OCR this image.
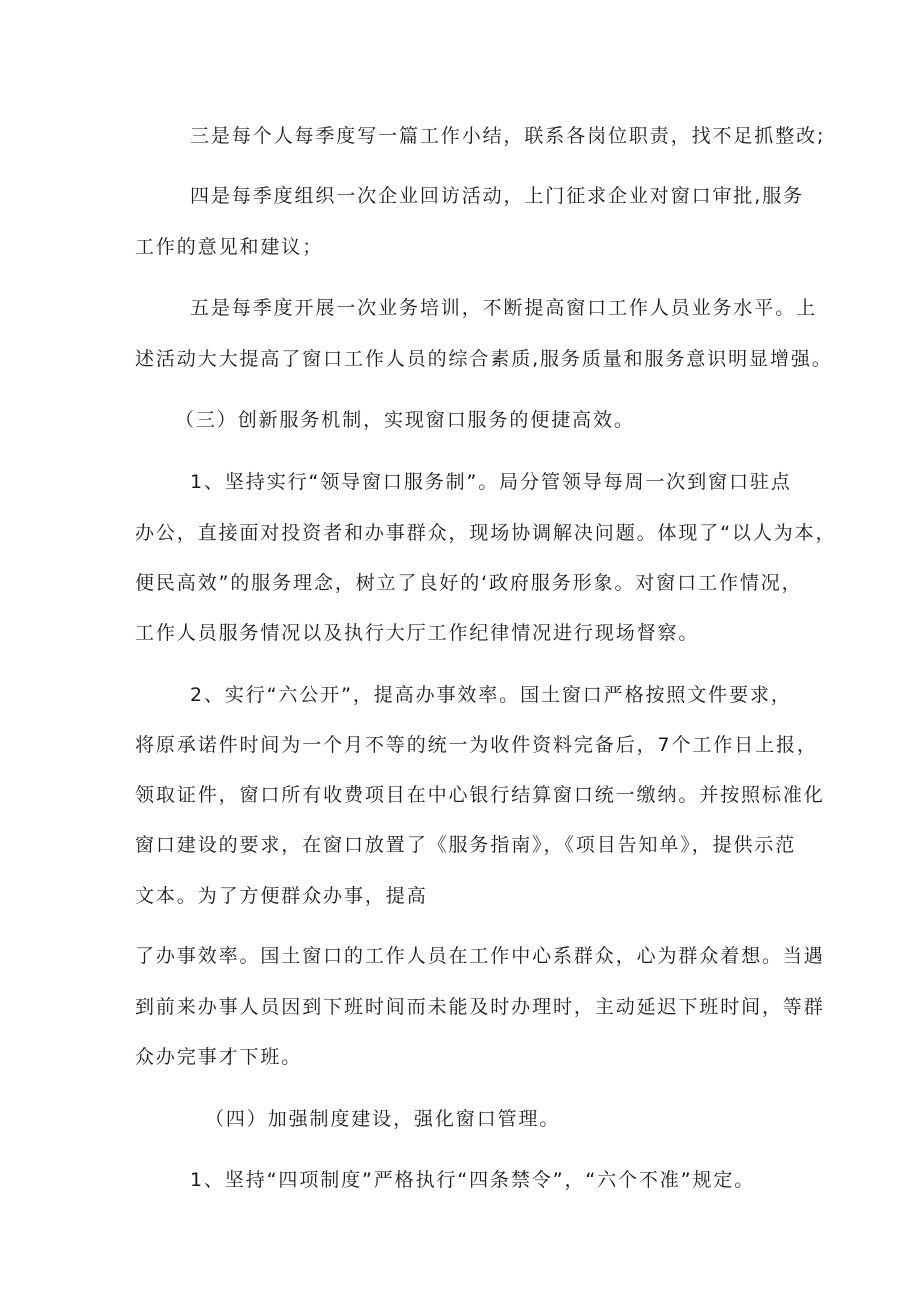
三是每个人每季度写一篇工作小结，联系各岗位职责，找不足抓整改;
四是每季度组织一次企业回访活动，上门征求企业对窗口审批,服务
工作的意见和建议；
五是每季度开展一次业务培训，不断提高窗口工作人员业务水平。上
述活动大大提高了窗口工作人员的综合素质,服务质量和服务意识明显增强。
（三）创新服务机制，实现窗口服务的便捷高效。
1、坚持实行“领导窗口服务制”。局分管领导每周一次到窗口驻点
办公，直接面对投资者和办事群众，现场协调解决问题。体现了“以人为本，
便民高效”的服务理念，树立了良好的‘政府服务形象。对窗口工作情况，
工作人员服务情况以及执行大厅工作纪律情况进行现场督察。
2、实行“六公开”，提高办事效率。国土窗口严格按照文件要求，
将原承诺件时间为一个月不等的统一为收件资料完备后，7个工作日上报，
领取证件，窗口所有收费项目在中心银行结算窗口统一缴纳。并按照标准化
窗口建设的要求，在窗口放置了《服务指南》，《项目告知单》，提供示范
文本。为了方便群众办事，提高
了办事效率。国土窗口的工作人员在工作中心系群众，心为群众着想。当遇
到前来办事人员因到下班时间而未能及时办理时，主动延迟下班时间，等群
众办完事才下班。
（四）加强制度建设，强化窗口管理。
1、坚持“四项制度”严格执行“四条禁令”，“六个不准”规定。
